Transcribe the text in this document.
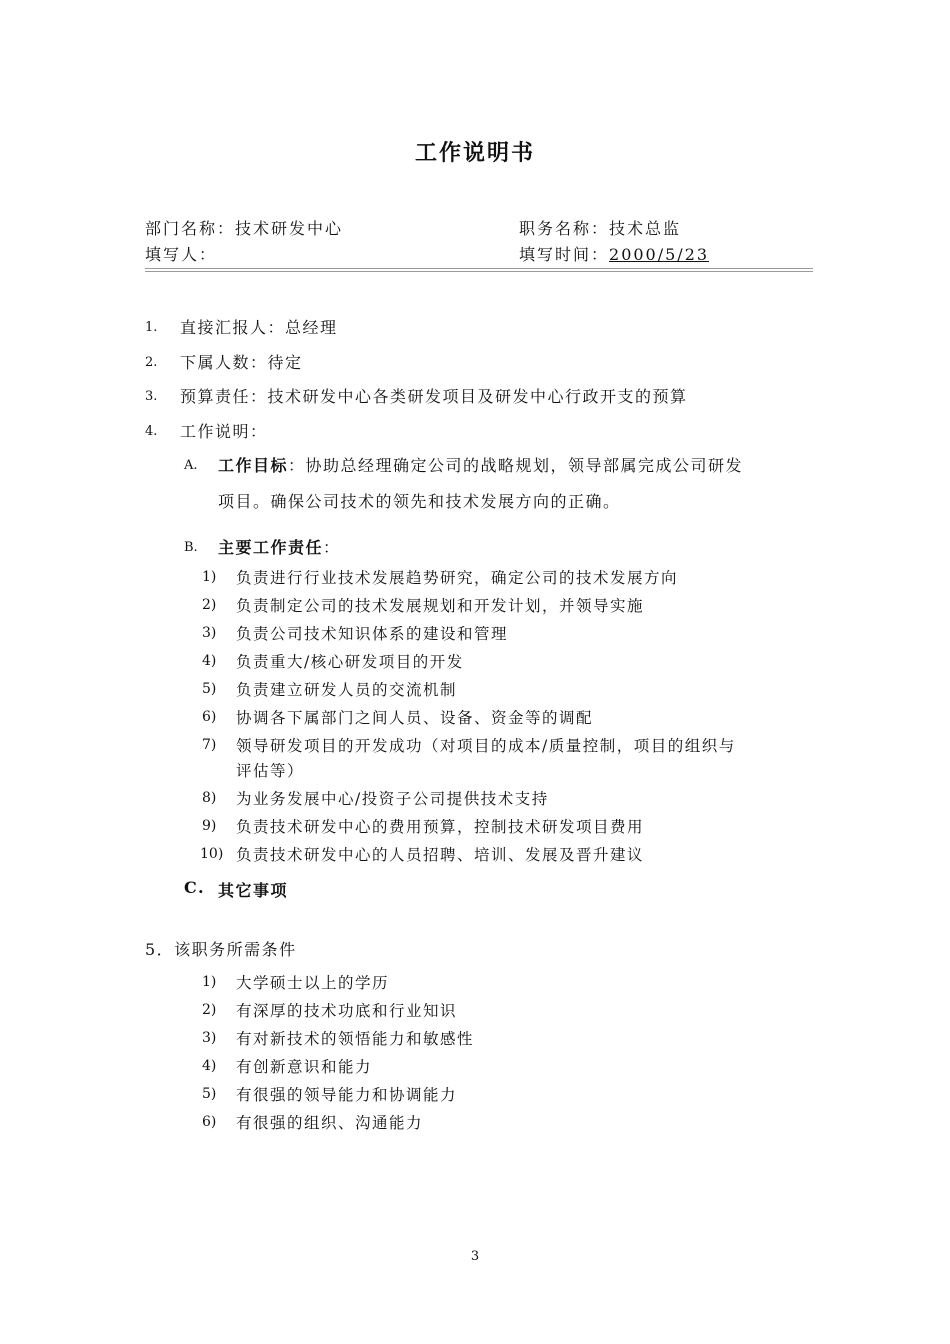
工作说明书
部门名称：技术研发中心	职务名称：技术总监
填写人：	填写时间：2000/5/23
1. 直接汇报人：总经理
2. 下属人数：待定
3. 预算责任：技术研发中心各类研发项目及研发中心行政开支的预算
4. 工作说明：
A. 工作目标：协助总经理确定公司的战略规划，领导部属完成公司研发
项目。确保公司技术的领先和技术发展方向的正确。
B. 主要工作责任：
1) 负责进行行业技术发展趋势研究，确定公司的技术发展方向
2) 负责制定公司的技术发展规划和开发计划，并领导实施
3) 负责公司技术知识体系的建设和管理
4) 负责重大/核心研发项目的开发
5) 负责建立研发人员的交流机制
6) 协调各下属部门之间人员、设备、资金等的调配
7) 领导研发项目的开发成功（对项目的成本/质量控制，项目的组织与
评估等）
8) 为业务发展中心/投资子公司提供技术支持
9) 负责技术研发中心的费用预算，控制技术研发项目费用
10) 负责技术研发中心的人员招聘、培训、发展及晋升建议
C. 其它事项
5．该职务所需条件
1) 大学硕士以上的学历
2) 有深厚的技术功底和行业知识
3) 有对新技术的领悟能力和敏感性
4) 有创新意识和能力
5) 有很强的领导能力和协调能力
6) 有很强的组织、沟通能力
3
